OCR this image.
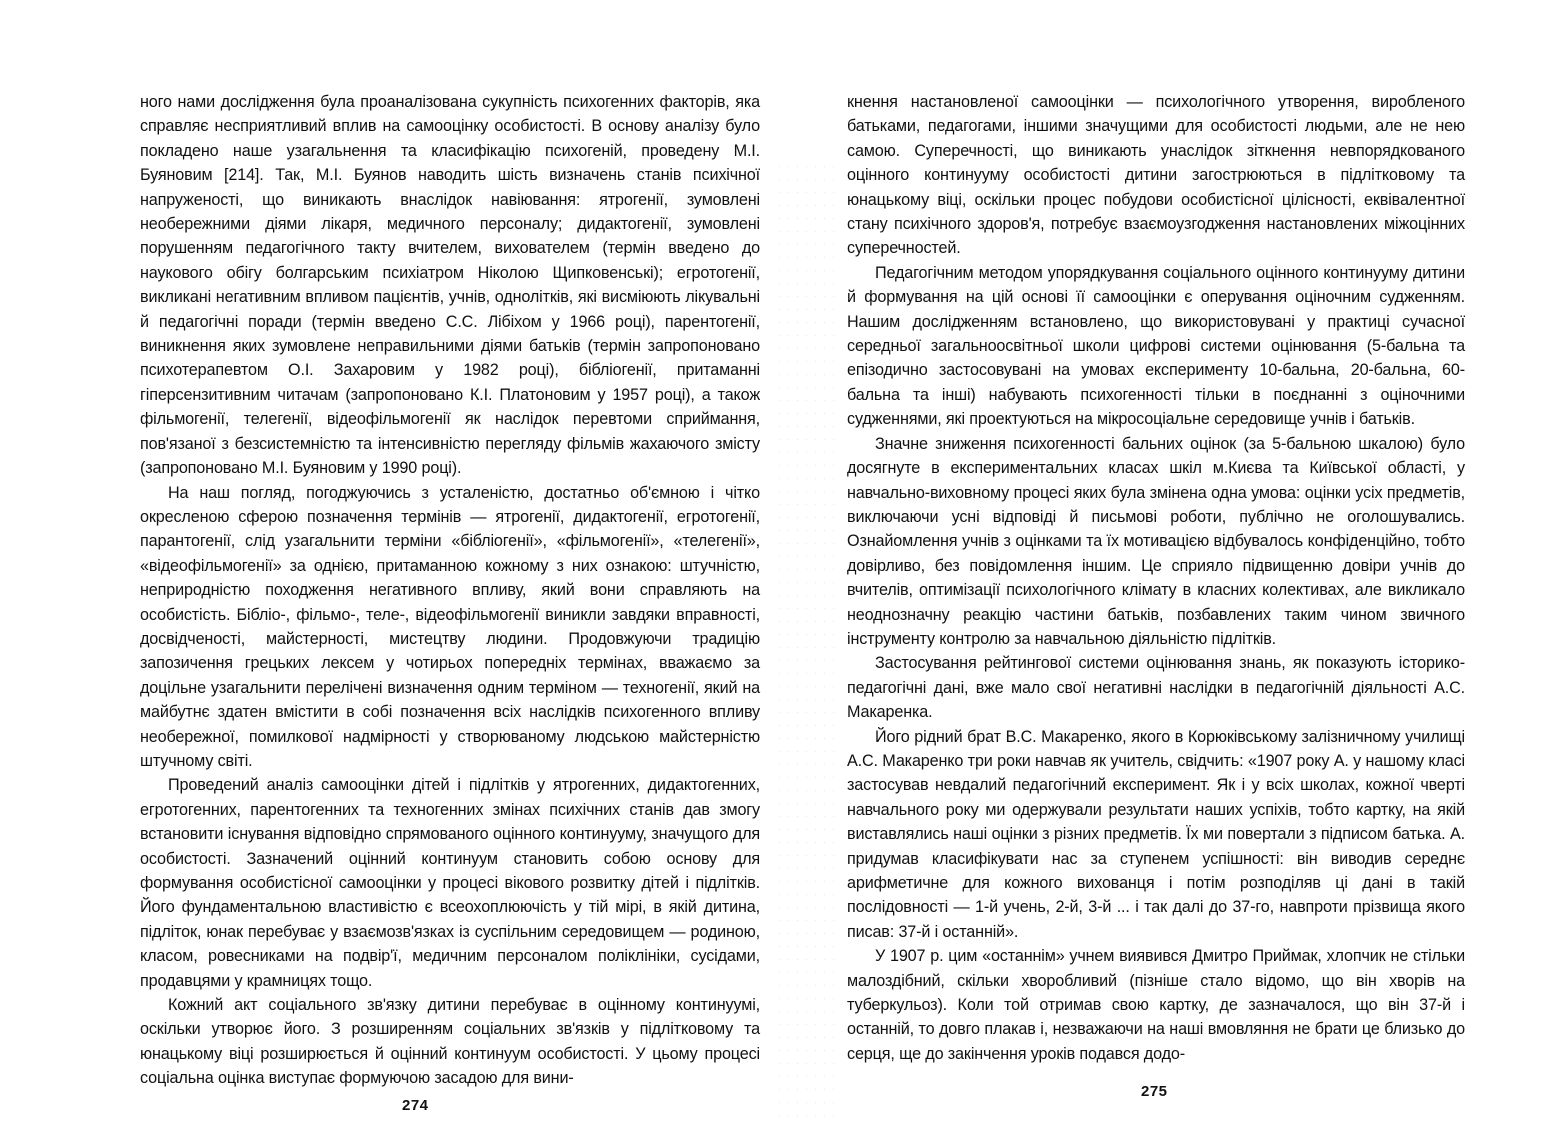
ного нами дослідження була проаналізована сукупність психогенних факторів, яка справляє несприятливий вплив на самооцінку особистості. В основу аналізу було покладено наше узагальнення та класифікацію психогеній, проведену М.І. Буяновим [214]. Так, М.І. Буянов наводить шість визначень станів психічної напруженості, що виникають внаслідок навіювання: ятрогенії, зумовлені необережними діями лікаря, медичного персоналу; дидактогенії, зумовлені порушенням педагогічного такту вчителем, вихователем (термін введено до наукового обігу болгарським психіатром Ніколою Щипковенські); егротогенії, викликані негативним впливом пацієнтів, учнів, однолітків, які висміюють лікувальні й педагогічні поради (термін введено С.С. Лібіхом у 1966 році), парентогенії, виникнення яких зумовлене неправильними діями батьків (термін запропоновано психотерапевтом О.І. Захаровим у 1982 році), бібліогенії, притаманні гіперсензитивним читачам (запропоновано К.І. Платоновим у 1957 році), а також фільмогенії, телегенії, відеофільмогенії як наслідок перевтоми сприймання, пов'язаної з безсистемністю та інтенсивністю перегляду фільмів жахаючого змісту (запропоновано М.І. Буяновим у 1990 році).

На наш погляд, погоджуючись з усталеністю, достатньо об'ємною і чітко окресленою сферою позначення термінів — ятрогенії, дидактогенії, егротогенії, парантогенії, слід узагальнити терміни «бібліогенії», «фільмогенії», «телегенії», «відеофільмогенії» за однією, притаманною кожному з них ознакою: штучністю, неприродністю походження негативного впливу, який вони справляють на особистість. Бібліо-, фільмо-, теле-, відеофільмогенії виникли завдяки вправності, досвідченості, майстерності, мистецтву людини. Продовжуючи традицію запозичення грецьких лексем у чотирьох попередніх термінах, вважаємо за доцільне узагальнити перелічені визначення одним терміном — техногенії, який на майбутнє здатен вмістити в собі позначення всіх наслідків психогенного впливу необережної, помилкової надмірності у створюваному людською майстерністю штучному світі.

Проведений аналіз самооцінки дітей і підлітків у ятрогенних, дидактогенних, егротогенних, парентогенних та техногенних змінах психічних станів дав змогу встановити існування відповідно спрямованого оцінного континууму, значущого для особистості. Зазначений оцінний континуум становить собою основу для формування особистісної самооцінки у процесі вікового розвитку дітей і підлітків. Його фундаментальною властивістю є всеохоплюючість у тій мірі, в якій дитина, підліток, юнак перебуває у взаємозв'язках із суспільним середовищем — родиною, класом, ровесниками на подвір'ї, медичним персоналом поліклініки, сусідами, продавцями у крамницях тощо.

Кожний акт соціального зв'язку дитини перебуває в оцінному континуумі, оскільки утворює його. З розширенням соціальних зв'язків у підлітковому та юнацькому віці розширюється й оцінний континуум особистості. У цьому процесі соціальна оцінка виступає формуючою засадою для вини-

кнення настановленої самооцінки — психологічного утворення, виробленого батьками, педагогами, іншими значущими для особистості людьми, але не нею самою. Суперечності, що виникають унаслідок зіткнення невпорядкованого оцінного континууму особистості дитини загострюються в підлітковому та юнацькому віці, оскільки процес побудови особистісної цілісності, еквівалентної стану психічного здоров'я, потребує взаємоузгодження настановлених міжоцінних суперечностей.

Педагогічним методом упорядкування соціального оцінного континууму дитини й формування на цій основі її самооцінки є оперування оціночним судженням. Нашим дослідженням встановлено, що використовувані у практиці сучасної середньої загальноосвітньої школи цифрові системи оцінювання (5-бальна та епізодично застосовувані на умовах експерименту 10-бальна, 20-бальна, 60-бальна та інші) набувають психогенності тільки в поєднанні з оціночними судженнями, які проектуються на мікросоціальне середовище учнів і батьків.

Значне зниження психогенності бальних оцінок (за 5-бальною шкалою) було досягнуте в експериментальних класах шкіл м.Києва та Київської області, у навчально-виховному процесі яких була змінена одна умова: оцінки усіх предметів, виключаючи усні відповіді й письмові роботи, публічно не оголошувались. Ознайомлення учнів з оцінками та їх мотивацією відбувалось конфіденційно, тобто довірливо, без повідомлення іншим. Це сприяло підвищенню довіри учнів до вчителів, оптимізації психологічного клімату в класних колективах, але викликало неоднозначну реакцію частини батьків, позбавлених таким чином звичного інструменту контролю за навчальною діяльністю підлітків.

Застосування рейтингової системи оцінювання знань, як показують історико-педагогічні дані, вже мало свої негативні наслідки в педагогічній діяльності А.С. Макаренка.

Його рідний брат В.С. Макаренко, якого в Корюківському залізничному училищі А.С. Макаренко три роки навчав як учитель, свідчить: «1907 року А. у нашому класі застосував невдалий педагогічний експеримент. Як і у всіх школах, кожної чверті навчального року ми одержували результати наших успіхів, тобто картку, на якій виставлялись наші оцінки з різних предметів. Їх ми повертали з підписом батька. А. придумав класифікувати нас за ступенем успішності: він виводив середнє арифметичне для кожного вихованця і потім розподіляв ці дані в такій послідовності — 1-й учень, 2-й, 3-й ... і так далі до 37-го, навпроти прізвища якого писав: 37-й і останній».

У 1907 р. цим «останнім» учнем виявився Дмитро Приймак, хлопчик не стільки малоздібний, скільки хворобливий (пізніше стало відомо, що він хворів на туберкульоз). Коли той отримав свою картку, де зазначалося, що він 37-й і останній, то довго плакав і, незважаючи на наші вмовляння не брати це близько до серця, ще до закінчення уроків подався додо-

274
275
